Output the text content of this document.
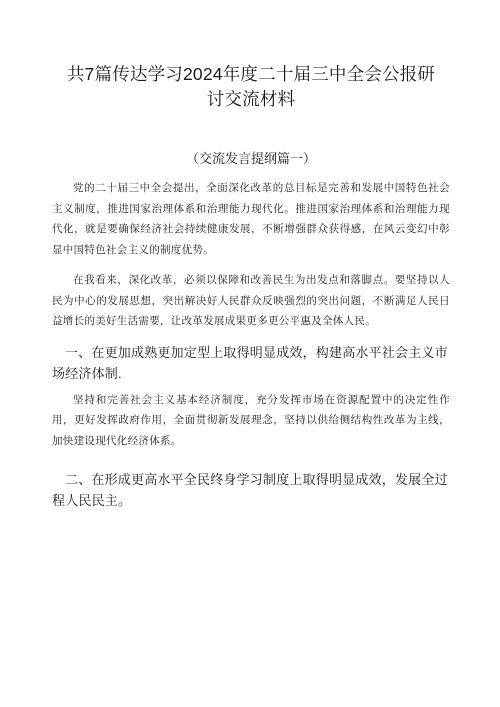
共7篇传达学习2024年度二十届三中全会公报研讨交流材料
（交流发言提纲篇一）

党的二十届三中全会提出，全面深化改革的总目标是完善和发展中国特色社会主义制度，推进国家治理体系和治理能力现代化。推进国家治理体系和治理能力现代化，就是要确保经济社会持续健康发展，不断增强群众获得感，在风云变幻中彰显中国特色社会主义的制度优势。

在我看来，深化改革，必须以保障和改善民生为出发点和落脚点。要坚持以人民为中心的发展思想，突出解决好人民群众反映强烈的突出问题，不断满足人民日益增长的美好生活需要，让改革发展成果更多更公平惠及全体人民。

一、在更加成熟更加定型上取得明显成效，构建高水平社会主义市场经济体制.

坚持和完善社会主义基本经济制度，充分发挥市场在资源配置中的决定性作用，更好发挥政府作用，全面贯彻新发展理念，坚持以供给侧结构性改革为主线，加快建设现代化经济体系。

二、在形成更高水平全民终身学习制度上取得明显成效，发展全过程人民民主。
